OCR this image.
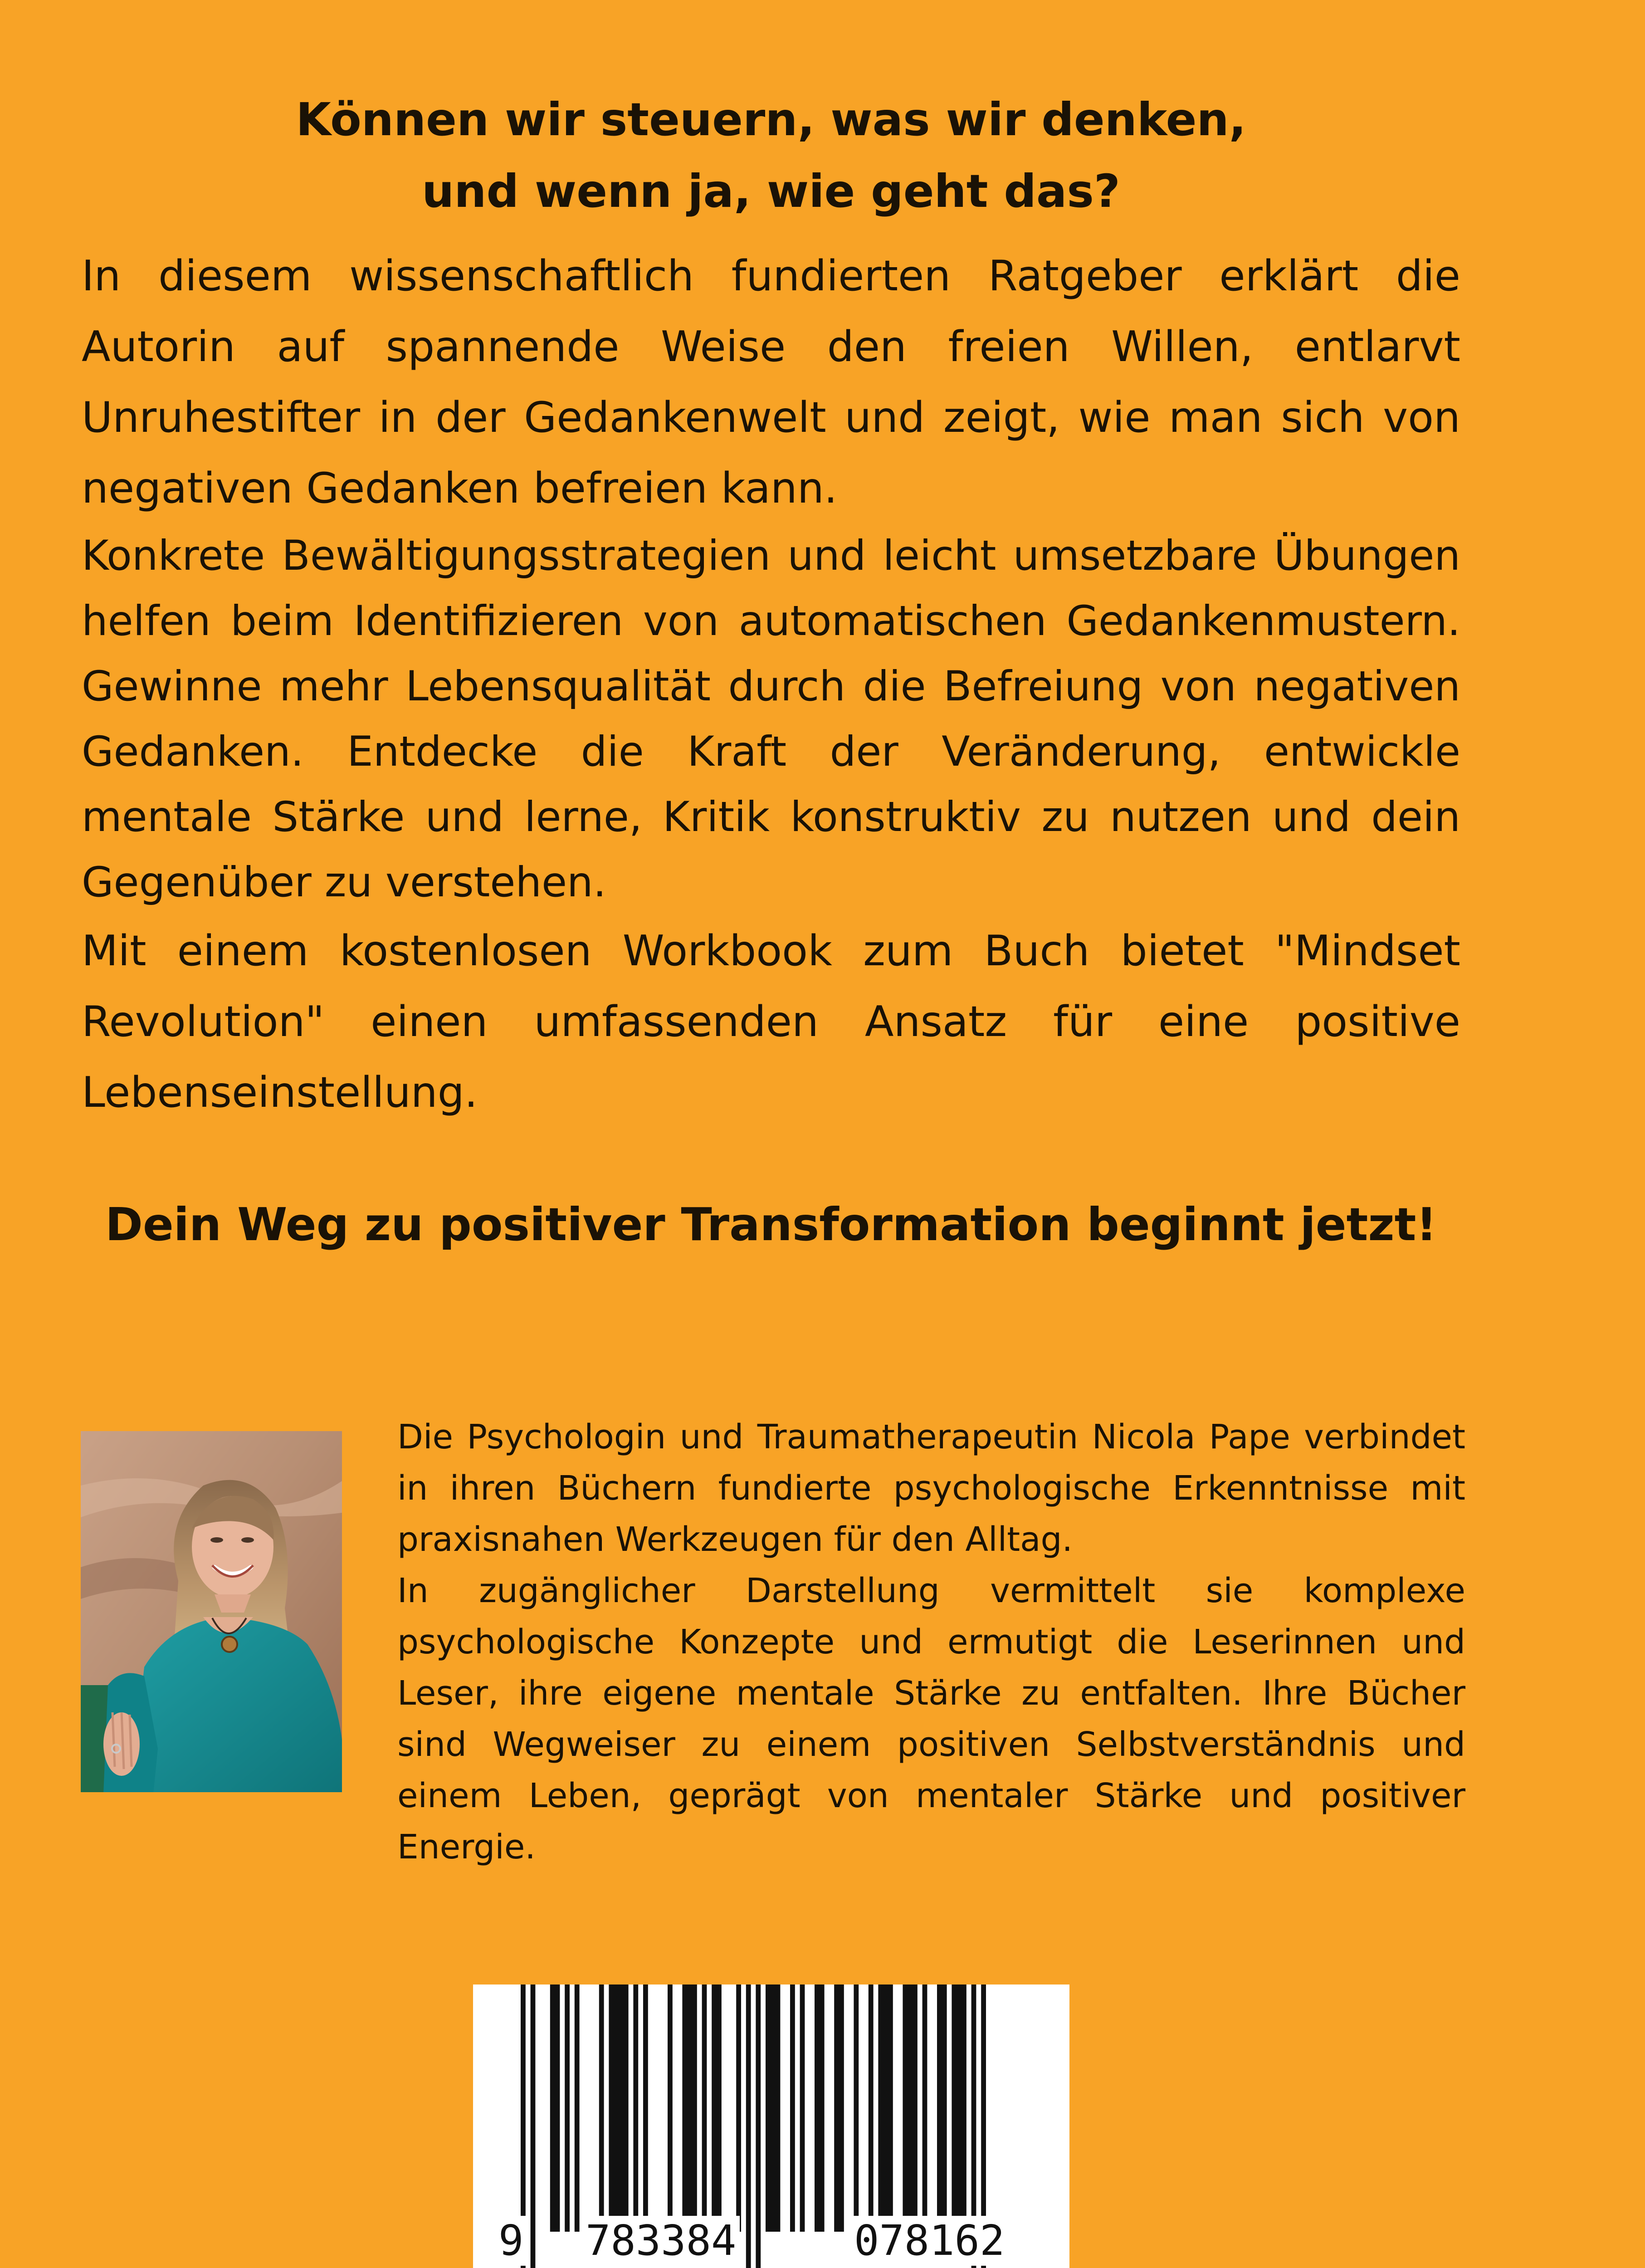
Können wir steuern, was wir denken,
und wenn ja, wie geht das?

In diesem wissenschaftlich fundierten Ratgeber erklärt die Autorin auf spannende Weise den freien Willen, entlarvt Unruhestifter in der Gedankenwelt und zeigt, wie man sich von negativen Gedanken befreien kann.

Konkrete Bewältigungsstrategien und leicht umsetzbare Übungen helfen beim Identifizieren von automatischen Gedankenmustern. Gewinne mehr Lebensqualität durch die Befreiung von negativen Gedanken. Entdecke die Kraft der Veränderung, entwickle mentale Stärke und lerne, Kritik konstruktiv zu nutzen und dein Gegenüber zu verstehen.

Mit einem kostenlosen Workbook zum Buch bietet "Mindset Revolution" einen umfassenden Ansatz für eine positive Lebenseinstellung.

Dein Weg zu positiver Transformation beginnt jetzt!

Die Psychologin und Traumatherapeutin Nicola Pape verbindet in ihren Büchern fundierte psychologische Erkenntnisse mit praxisnahen Werkzeugen für den Alltag.

In zugänglicher Darstellung vermittelt sie komplexe psychologische Konzepte und ermutigt die Leserinnen und Leser, ihre eigene mentale Stärke zu entfalten. Ihre Bücher sind Wegweiser zu einem positiven Selbstverständnis und einem Leben, geprägt von mentaler Stärke und positiver Energie.

9 783384	078162
